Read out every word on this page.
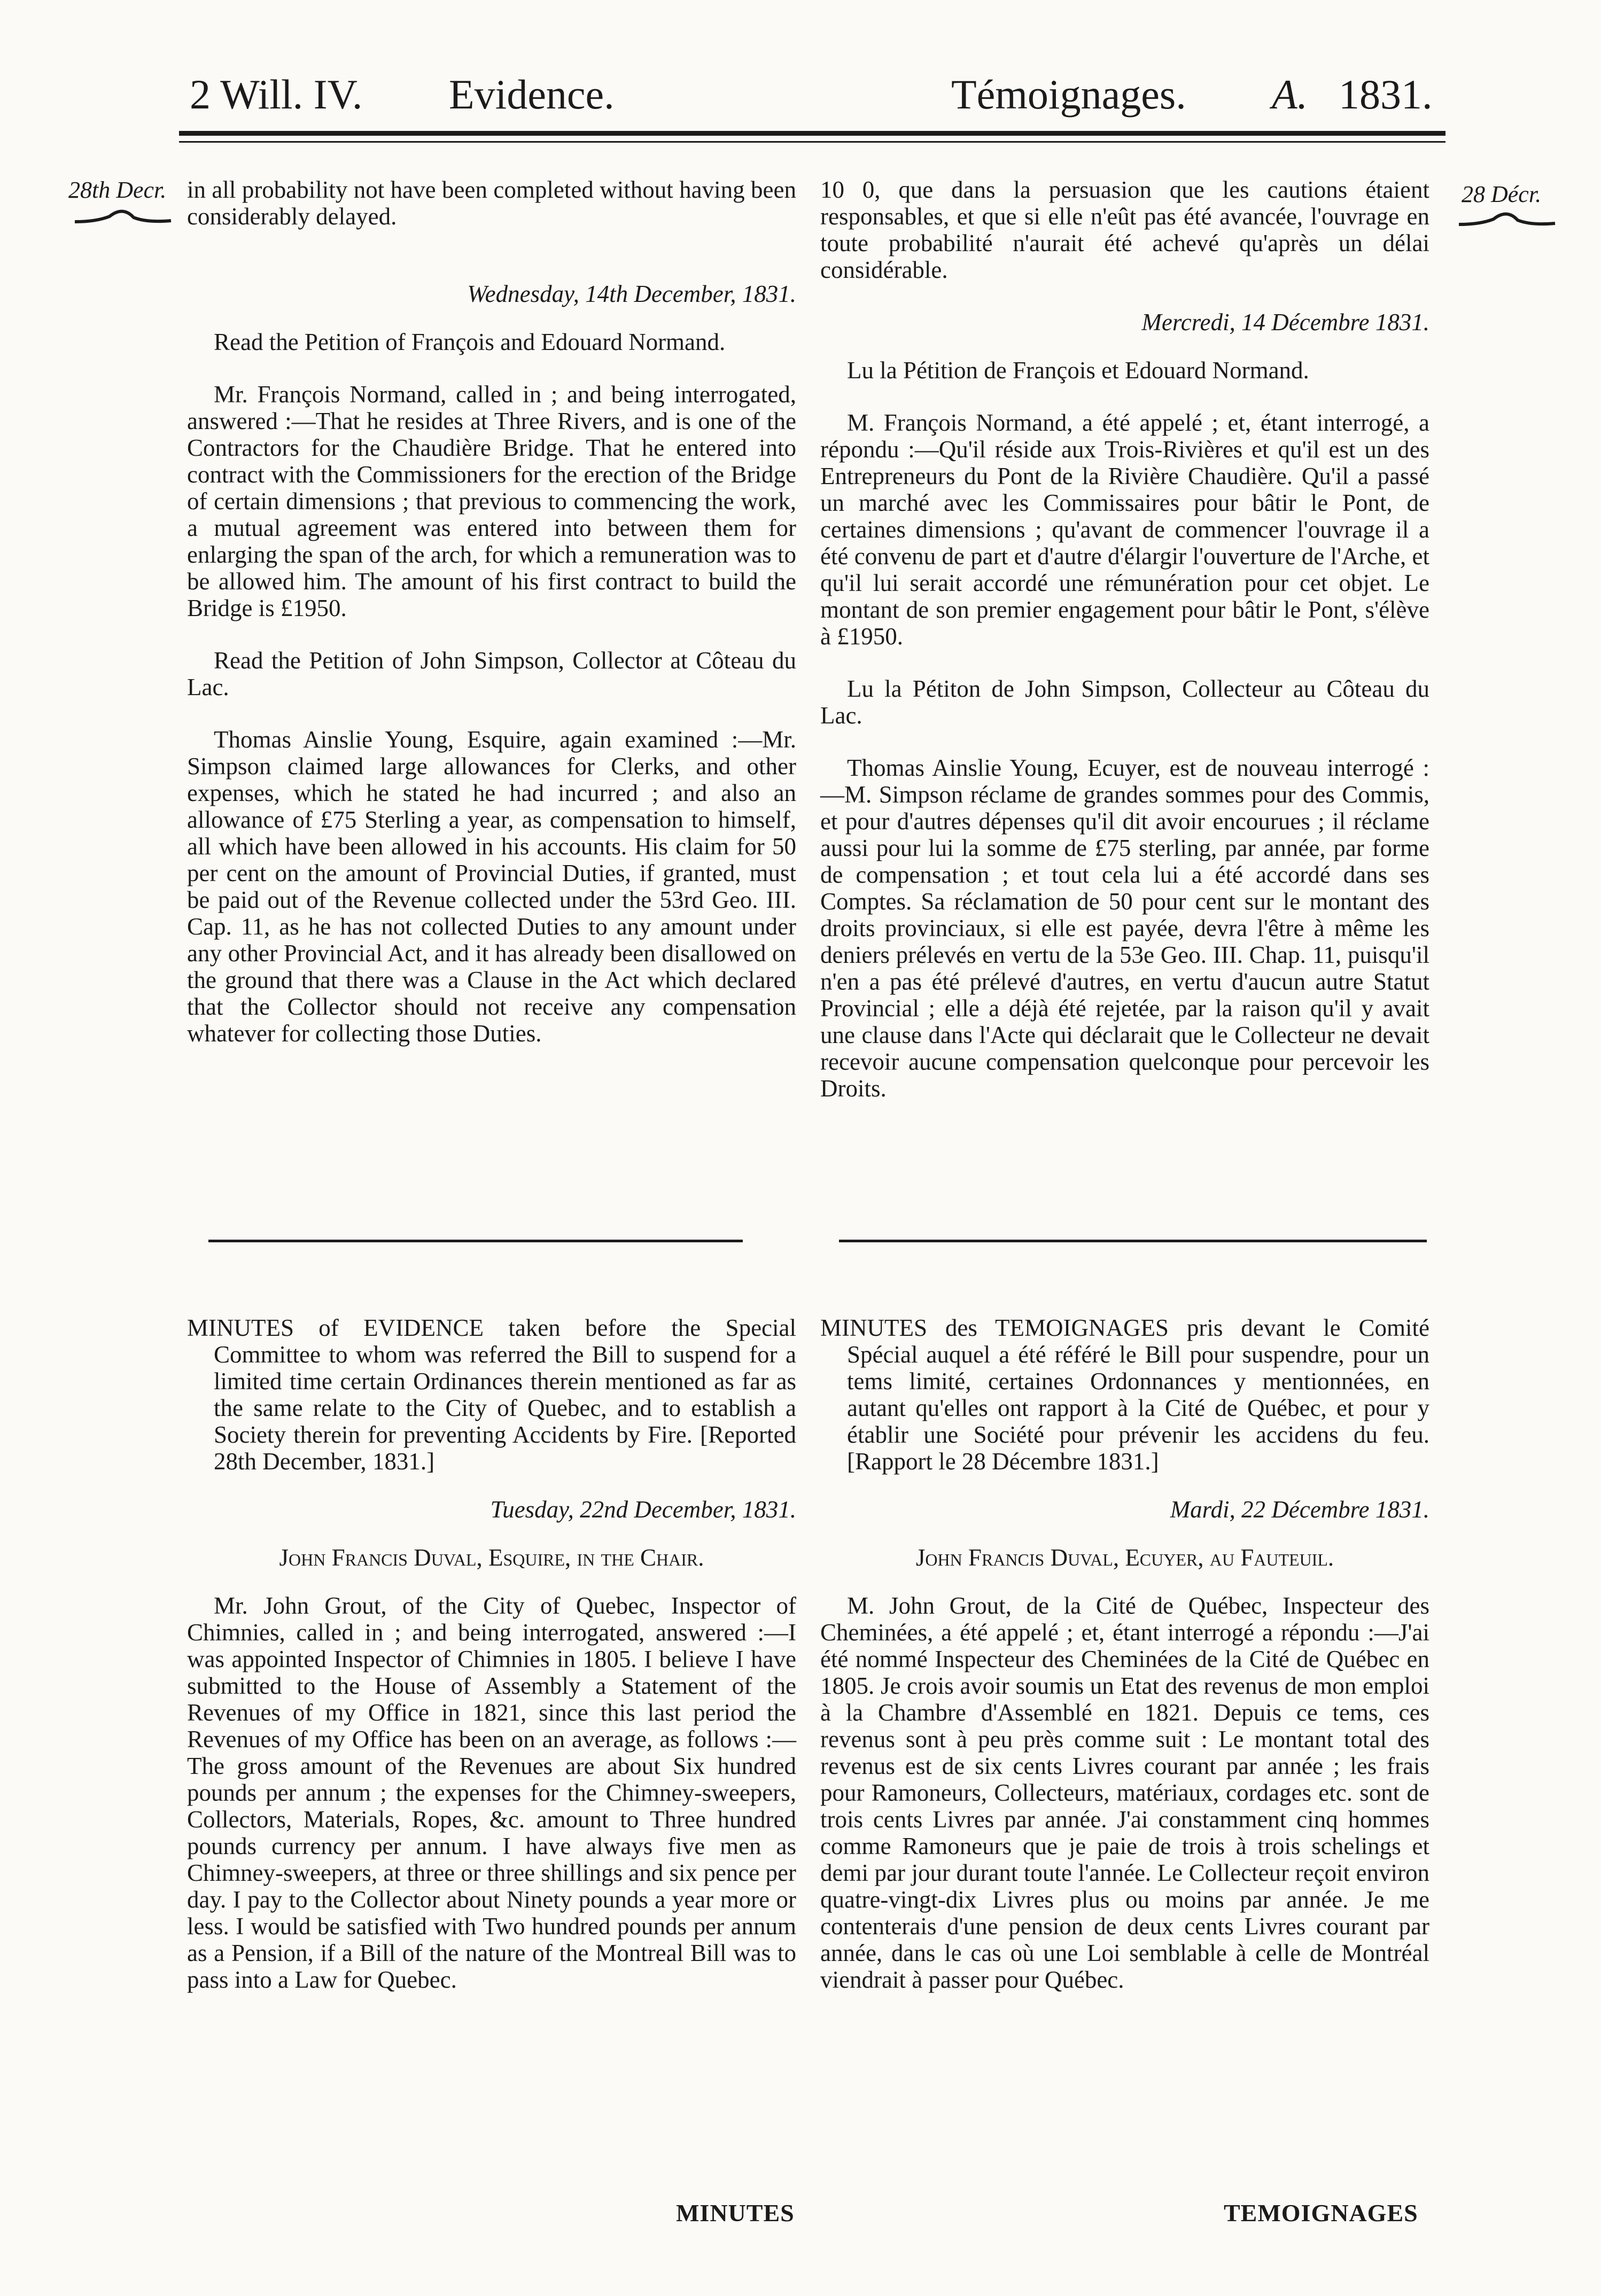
2 Will. IV. Evidence.	Témoignages. A. 1831.
28th Decr.	28 Décr.

in all probability not have been completed without having been considerably delayed.

Wednesday, 14th December, 1831.

Read the Petition of François and Edouard Normand.

Mr. François Normand, called in ; and being interrogated, answered :—That he resides at Three Rivers, and is one of the Contractors for the Chaudière Bridge. That he entered into contract with the Commissioners for the erection of the Bridge of certain dimensions ; that previous to commencing the work, a mutual agreement was entered into between them for enlarging the span of the arch, for which a remuneration was to be allowed him. The amount of his first contract to build the Bridge is £1950.

Read the Petition of John Simpson, Collector at Côteau du Lac.

Thomas Ainslie Young, Esquire, again examined :—Mr. Simpson claimed large allowances for Clerks, and other expenses, which he stated he had incurred ; and also an allowance of £75 Sterling a year, as compensation to himself, all which have been allowed in his accounts. His claim for 50 per cent on the amount of Provincial Duties, if granted, must be paid out of the Revenue collected under the 53rd Geo. III. Cap. 11, as he has not collected Duties to any amount under any other Provincial Act, and it has already been disallowed on the ground that there was a Clause in the Act which declared that the Collector should not receive any compensation whatever for collecting those Duties.

10 0, que dans la persuasion que les cautions étaient responsables, et que si elle n'eût pas été avancée, l'ouvrage en toute probabilité n'aurait été achevé qu'après un délai considérable.

Mercredi, 14 Décembre 1831.

Lu la Pétition de François et Edouard Normand.

M. François Normand, a été appelé ; et, étant interrogé, a répondu :—Qu'il réside aux Trois-Rivières et qu'il est un des Entrepreneurs du Pont de la Rivière Chaudière. Qu'il a passé un marché avec les Commissaires pour bâtir le Pont, de certaines dimensions ; qu'avant de commencer l'ouvrage il a été convenu de part et d'autre d'élargir l'ouverture de l'Arche, et qu'il lui serait accordé une rémunération pour cet objet. Le montant de son premier engagement pour bâtir le Pont, s'élève à £1950.

Lu la Pétiton de John Simpson, Collecteur au Côteau du Lac.

Thomas Ainslie Young, Ecuyer, est de nouveau interrogé :—M. Simpson réclame de grandes sommes pour des Commis, et pour d'autres dépenses qu'il dit avoir encourues ; il réclame aussi pour lui la somme de £75 sterling, par année, par forme de compensation ; et tout cela lui a été accordé dans ses Comptes. Sa réclamation de 50 pour cent sur le montant des droits provinciaux, si elle est payée, devra l'être à même les deniers prélevés en vertu de la 53e Geo. III. Chap. 11, puisqu'il n'en a pas été prélevé d'autres, en vertu d'aucun autre Statut Provincial ; elle a déjà été rejetée, par la raison qu'il y avait une clause dans l'Acte qui déclarait que le Collecteur ne devait recevoir aucune compensation quelconque pour percevoir les Droits.

MINUTES of EVIDENCE taken before the Special Committee to whom was referred the Bill to suspend for a limited time certain Ordinances therein mentioned as far as the same relate to the City of Quebec, and to establish a Society therein for preventing Accidents by Fire. [Reported 28th December, 1831.]

Tuesday, 22nd December, 1831.

John Francis Duval, Esquire, in the Chair.

Mr. John Grout, of the City of Quebec, Inspector of Chimnies, called in ; and being interrogated, answered :—I was appointed Inspector of Chimnies in 1805. I believe I have submitted to the House of Assembly a Statement of the Revenues of my Office in 1821, since this last period the Revenues of my Office has been on an average, as follows :—The gross amount of the Revenues are about Six hundred pounds per annum ; the expenses for the Chimney-sweepers, Collectors, Materials, Ropes, &c. amount to Three hundred pounds currency per annum. I have always five men as Chimney-sweepers, at three or three shillings and six pence per day. I pay to the Collector about Ninety pounds a year more or less. I would be satisfied with Two hundred pounds per annum as a Pension, if a Bill of the nature of the Montreal Bill was to pass into a Law for Quebec.

MINUTES des TEMOIGNAGES pris devant le Comité Spécial auquel a été référé le Bill pour suspendre, pour un tems limité, certaines Ordonnances y mentionnées, en autant qu'elles ont rapport à la Cité de Québec, et pour y établir une Société pour prévenir les accidens du feu. [Rapport le 28 Décembre 1831.]

Mardi, 22 Décembre 1831.

John Francis Duval, Ecuyer, au Fauteuil.

M. John Grout, de la Cité de Québec, Inspecteur des Cheminées, a été appelé ; et, étant interrogé a répondu :—J'ai été nommé Inspecteur des Cheminées de la Cité de Québec en 1805. Je crois avoir soumis un Etat des revenus de mon emploi à la Chambre d'Assemblé en 1821. Depuis ce tems, ces revenus sont à peu près comme suit : Le montant total des revenus est de six cents Livres courant par année ; les frais pour Ramoneurs, Collecteurs, matériaux, cordages etc. sont de trois cents Livres par année. J'ai constamment cinq hommes comme Ramoneurs que je paie de trois à trois schelings et demi par jour durant toute l'année. Le Collecteur reçoit environ quatre-vingt-dix Livres plus ou moins par année. Je me contenterais d'une pension de deux cents Livres courant par année, dans le cas où une Loi semblable à celle de Montréal viendrait à passer pour Québec.

MINUTES	TEMOIGNAGES
